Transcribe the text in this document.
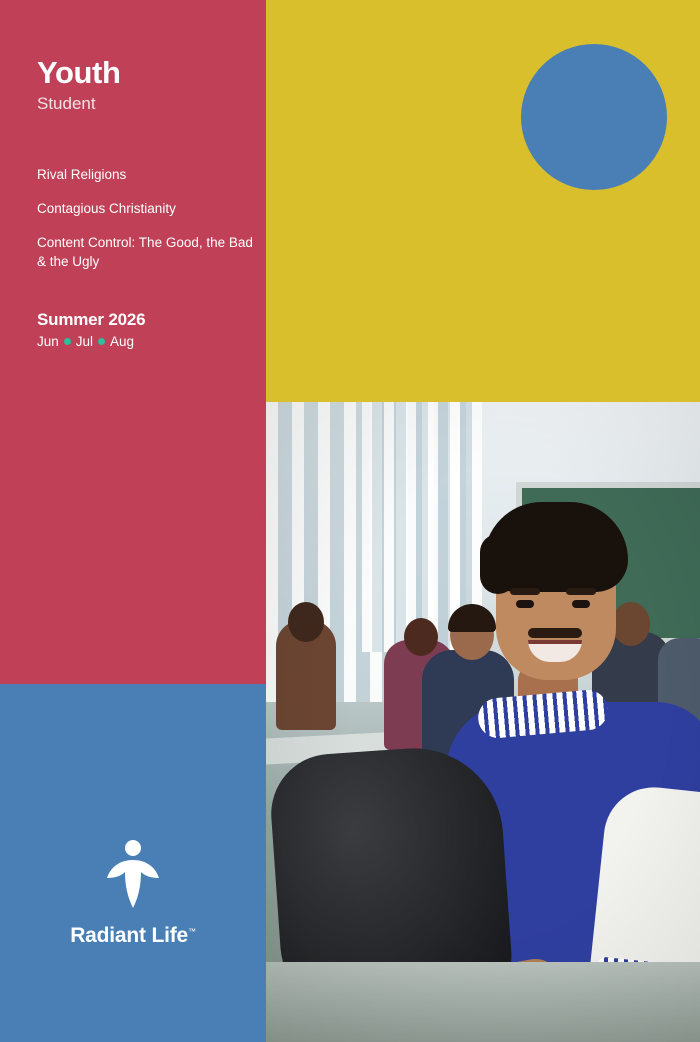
Youth
Student
Rival Religions
Contagious Christianity
Content Control: The Good, the Bad & the Ugly
Summer 2026
Jun Jul Aug
Radiant Life™
